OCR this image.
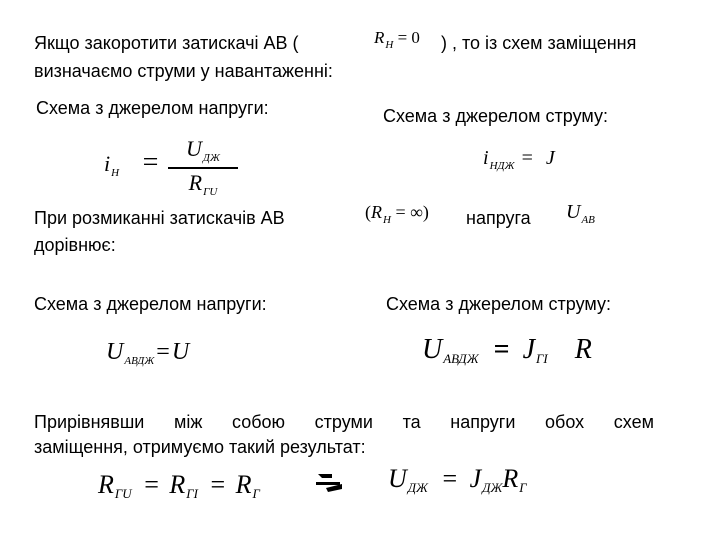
Якщо закоротити затискачі АВ (	$R_Н = 0$ ) , то із схем заміщення
визначаємо струми у навантаженні:
Схема з джерелом напруги:	Схема з джерелом струму:
$i_Н$ =	$U_{ДЖ}$
$R_{ГU}$
$i_{НДЖ} = J$
При розмиканні затискачів АВ	($R_Н$ = ∞) напруга $U_{АВ}$
дорівнює:
Схема з джерелом напруги:	Схема з джерелом струму:
$U_{АВДЖ}=U$	UАВДЖ = JГІ R
Прирівнявши між собою струми та напруги обох схем
заміщення, отримуємо такий результат:
RГU = RГІ = RГ
UДЖ = JДЖRГ
